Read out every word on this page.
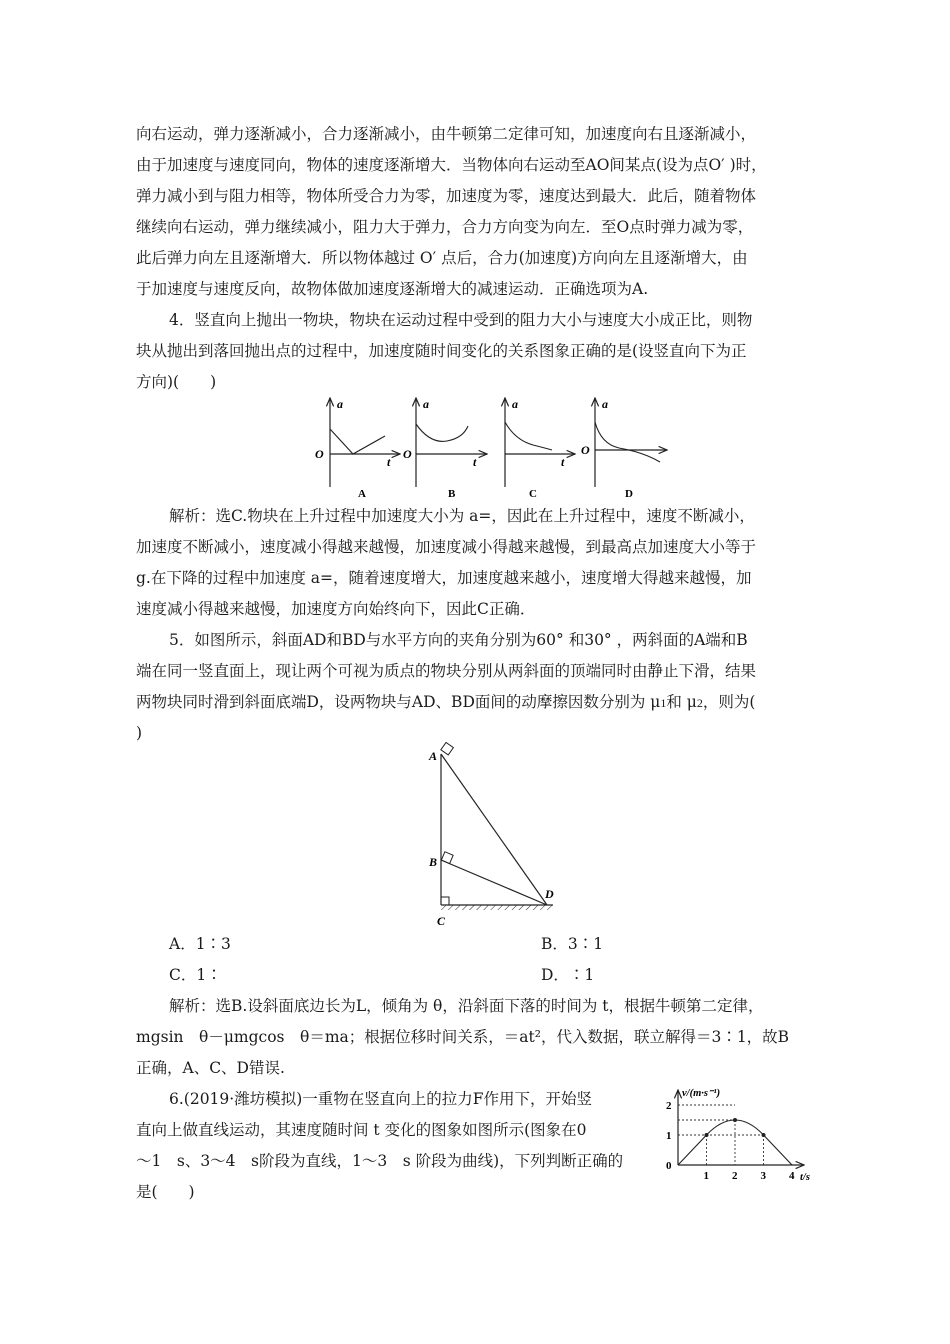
向右运动，弹力逐渐减小，合力逐渐减小，由牛顿第二定律可知，加速度向右且逐渐减小，
由于加速度与速度同向，物体的速度逐渐增大．当物体向右运动至AO间某点(设为点O′ )时，
弹力减小到与阻力相等，物体所受合力为零，加速度为零，速度达到最大．此后，随着物体
继续向右运动，弹力继续减小，阻力大于弹力，合力方向变为向左．至O点时弹力减为零，
此后弹力向左且逐渐增大．所以物体越过 O′ 点后，合力(加速度)方向向左且逐渐增大，由
于加速度与速度反向，故物体做加速度逐渐增大的减速运动．正确选项为A.
4．竖直向上抛出一物块，物块在运动过程中受到的阻力大小与速度大小成正比，则物
块从抛出到落回抛出点的过程中，加速度随时间变化的关系图象正确的是(设竖直向下为正
方向)(　　)
a
O
t
A
a
O
t
B
a
t
C
a
O
D
解析：选C.物块在上升过程中加速度大小为 a=，因此在上升过程中，速度不断减小，
加速度不断减小，速度减小得越来越慢，加速度减小得越来越慢，到最高点加速度大小等于
g.在下降的过程中加速度 a=，随着速度增大，加速度越来越小，速度增大得越来越慢，加
速度减小得越来越慢，加速度方向始终向下，因此C正确．
5．如图所示，斜面AD和BD与水平方向的夹角分别为60° 和30° ，两斜面的A端和B
端在同一竖直面上，现让两个可视为质点的物块分别从两斜面的顶端同时由静止下滑，结果
两物块同时滑到斜面底端D，设两物块与AD、BD面间的动摩擦因数分别为 μ1和 μ2，则为(
)
A
B
C
D
A．1∶3	B．3∶1
C．1∶	D．∶1
解析：选B.设斜面底边长为L，倾角为 θ，沿斜面下落的时间为 t，根据牛顿第二定律，
mgsin　θ－μmgcos　θ＝ma；根据位移时间关系，＝at²，代入数据，联立解得＝3∶1，故B
正确，A、C、D错误.
6.(2019·潍坊模拟)一重物在竖直向上的拉力F作用下，开始竖
直向上做直线运动，其速度随时间 t 变化的图象如图所示(图象在0
～1　s、3～4　s阶段为直线，1～3　s 阶段为曲线)，下列判断正确的
是(　　)
1 2 3 4
1
2
v/(m·s⁻¹)
t/s
0
